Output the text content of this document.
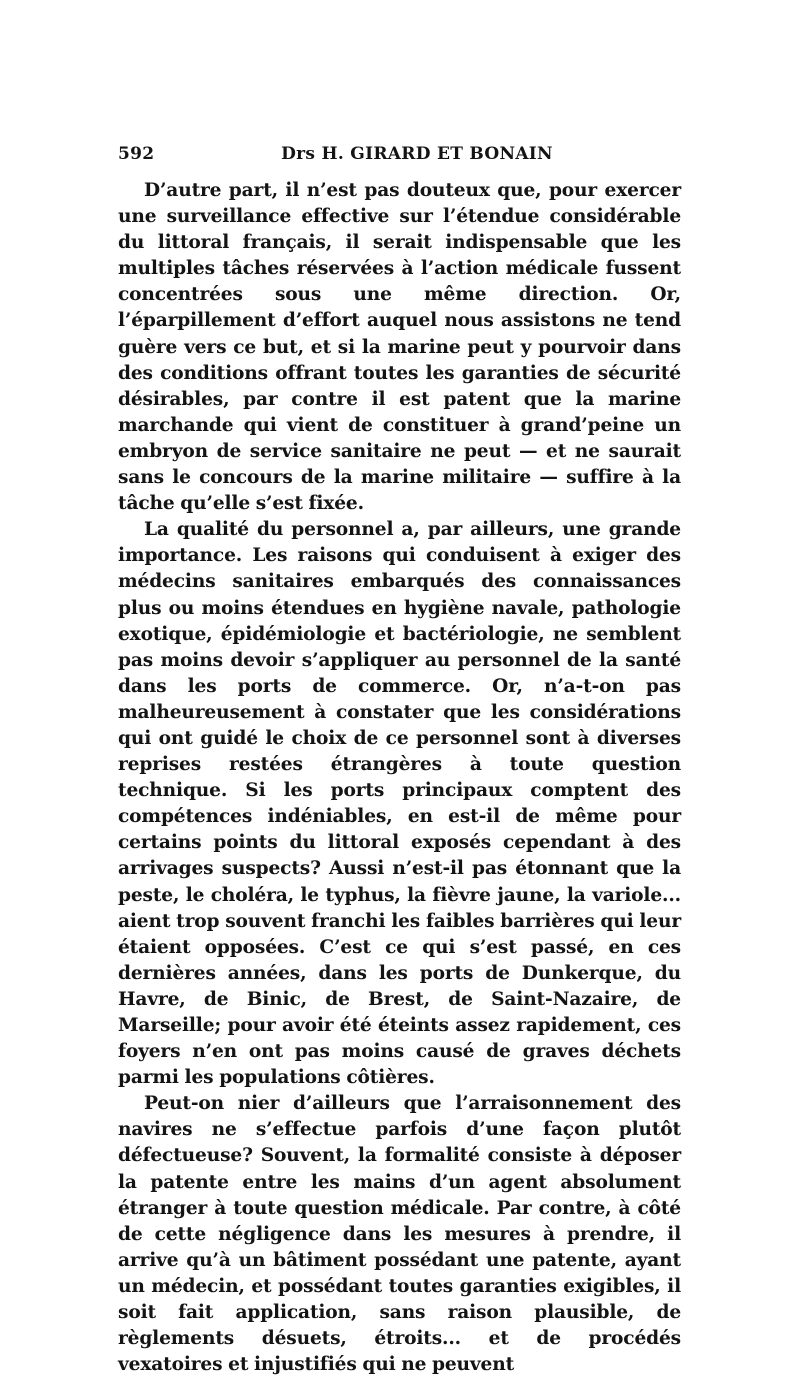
592	Drs H. GIRARD ET BONAIN

D’autre part, il n’est pas douteux que, pour exercer une surveillance effective sur l’étendue considérable du littoral français, il serait indispensable que les multiples tâches réservées à l’action médicale fussent concentrées sous une même direction. Or, l’éparpillement d’effort auquel nous assistons ne tend guère vers ce but, et si la marine peut y pourvoir dans des conditions offrant toutes les garanties de sécurité désirables, par contre il est patent que la marine marchande qui vient de constituer à grand’peine un embryon de service sanitaire ne peut — et ne saurait sans le concours de la marine militaire — suffire à la tâche qu’elle s’est fixée.

La qualité du personnel a, par ailleurs, une grande importance. Les raisons qui conduisent à exiger des médecins sanitaires embarqués des connaissances plus ou moins étendues en hygiène navale, pathologie exotique, épidémiologie et bactériologie, ne semblent pas moins devoir s’appliquer au personnel de la santé dans les ports de commerce. Or, n’a-t-on pas malheureusement à constater que les considérations qui ont guidé le choix de ce personnel sont à diverses reprises restées étrangères à toute question technique. Si les ports principaux comptent des compétences indéniables, en est-il de même pour certains points du littoral exposés cependant à des arrivages suspects? Aussi n’est-il pas étonnant que la peste, le choléra, le typhus, la fièvre jaune, la variole... aient trop souvent franchi les faibles barrières qui leur étaient opposées. C’est ce qui s’est passé, en ces dernières années, dans les ports de Dunkerque, du Havre, de Binic, de Brest, de Saint-Nazaire, de Marseille; pour avoir été éteints assez rapidement, ces foyers n’en ont pas moins causé de graves déchets parmi les populations côtières.

Peut-on nier d’ailleurs que l’arraisonnement des navires ne s’effectue parfois d’une façon plutôt défectueuse? Souvent, la formalité consiste à déposer la patente entre les mains d’un agent absolument étranger à toute question médicale. Par contre, à côté de cette négligence dans les mesures à prendre, il arrive qu’à un bâtiment possédant une patente, ayant un médecin, et possédant toutes garanties exigibles, il soit fait application, sans raison plausible, de règlements désuets, étroits... et de procédés vexatoires et injustifiés qui ne peuvent
